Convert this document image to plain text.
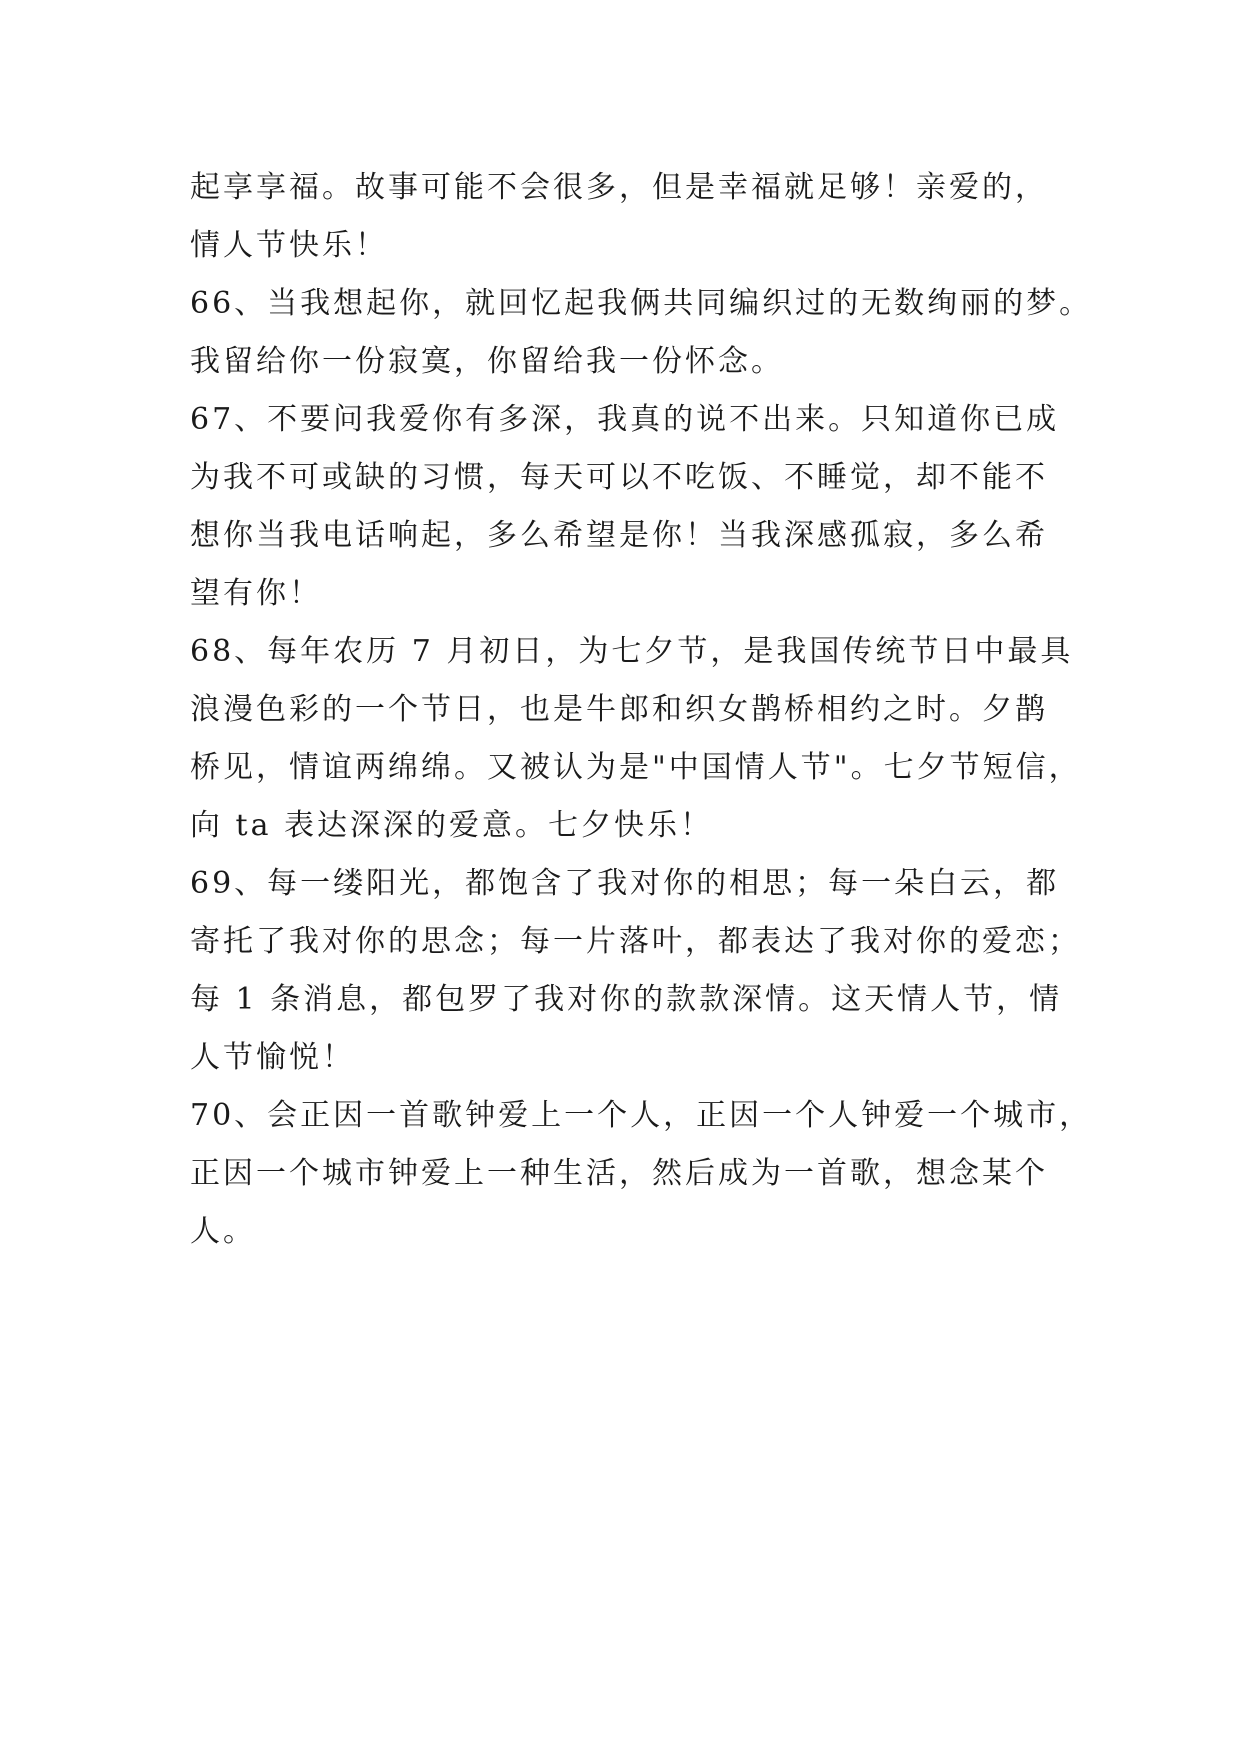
起享享福。故事可能不会很多，但是幸福就足够！亲爱的，
情人节快乐！
66、当我想起你，就回忆起我俩共同编织过的无数绚丽的梦。
我留给你一份寂寞，你留给我一份怀念。
67、不要问我爱你有多深，我真的说不出来。只知道你已成
为我不可或缺的习惯，每天可以不吃饭、不睡觉，却不能不
想你当我电话响起，多么希望是你！当我深感孤寂，多么希
望有你！
68、每年农历 7 月初日，为七夕节，是我国传统节日中最具
浪漫色彩的一个节日，也是牛郎和织女鹊桥相约之时。夕鹊
桥见，情谊两绵绵。又被认为是"中国情人节"。七夕节短信，
向 ta 表达深深的爱意。七夕快乐！
69、每一缕阳光，都饱含了我对你的相思；每一朵白云，都
寄托了我对你的思念；每一片落叶，都表达了我对你的爱恋；
每 1 条消息，都包罗了我对你的款款深情。这天情人节，情
人节愉悦！
70、会正因一首歌钟爱上一个人，正因一个人钟爱一个城市，
正因一个城市钟爱上一种生活，然后成为一首歌，想念某个
人。
